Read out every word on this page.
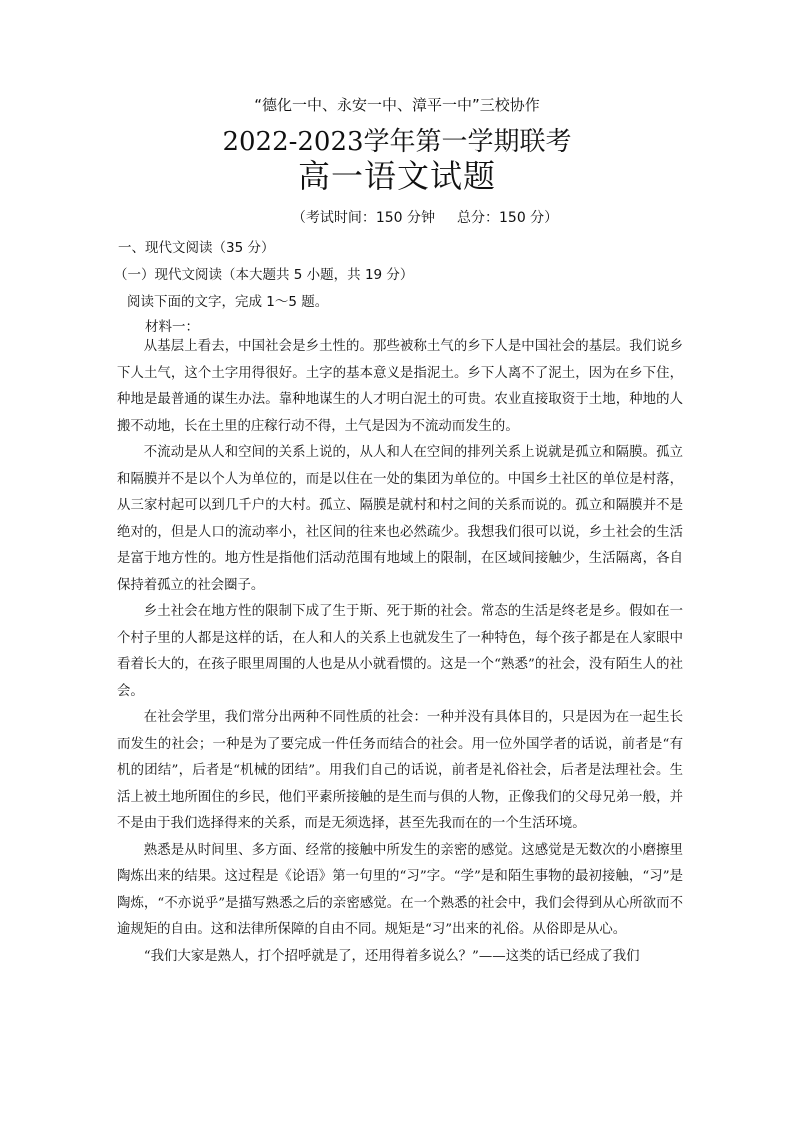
“德化一中、永安一中、漳平一中”三校协作
2022-2023学年第一学期联考
高一语文试题
（考试时间：150 分钟 总分：150 分）
一、现代文阅读（35 分）
（一）现代文阅读（本大题共 5 小题，共 19 分）
阅读下面的文字，完成 1～5 题。
材料一：

从基层上看去，中国社会是乡土性的。那些被称土气的乡下人是中国社会的基层。我们说乡下人土气，这个土字用得很好。土字的基本意义是指泥土。乡下人离不了泥土，因为在乡下住，种地是最普通的谋生办法。靠种地谋生的人才明白泥土的可贵。农业直接取资于土地，种地的人搬不动地，长在土里的庄稼行动不得，土气是因为不流动而发生的。

不流动是从人和空间的关系上说的，从人和人在空间的排列关系上说就是孤立和隔膜。孤立和隔膜并不是以个人为单位的，而是以住在一处的集团为单位的。中国乡土社区的单位是村落，从三家村起可以到几千户的大村。孤立、隔膜是就村和村之间的关系而说的。孤立和隔膜并不是绝对的，但是人口的流动率小，社区间的往来也必然疏少。我想我们很可以说，乡土社会的生活是富于地方性的。地方性是指他们活动范围有地域上的限制，在区域间接触少，生活隔离，各自保持着孤立的社会圈子。

乡土社会在地方性的限制下成了生于斯、死于斯的社会。常态的生活是终老是乡。假如在一个村子里的人都是这样的话，在人和人的关系上也就发生了一种特色，每个孩子都是在人家眼中看着长大的，在孩子眼里周围的人也是从小就看惯的。这是一个“熟悉”的社会，没有陌生人的社会。

在社会学里，我们常分出两种不同性质的社会：一种并没有具体目的，只是因为在一起生长而发生的社会；一种是为了要完成一件任务而结合的社会。用一位外国学者的话说，前者是“有机的团结”，后者是“机械的团结”。用我们自己的话说，前者是礼俗社会，后者是法理社会。生活上被土地所囿住的乡民，他们平素所接触的是生而与俱的人物，正像我们的父母兄弟一般，并不是由于我们选择得来的关系，而是无须选择，甚至先我而在的一个生活环境。

熟悉是从时间里、多方面、经常的接触中所发生的亲密的感觉。这感觉是无数次的小磨擦里陶炼出来的结果。这过程是《论语》第一句里的“习”字。“学”是和陌生事物的最初接触，“习”是陶炼，“不亦说乎”是描写熟悉之后的亲密感觉。在一个熟悉的社会中，我们会得到从心所欲而不逾规矩的自由。这和法律所保障的自由不同。规矩是“习”出来的礼俗。从俗即是从心。

“我们大家是熟人，打个招呼就是了，还用得着多说么？”——这类的话已经成了我们
